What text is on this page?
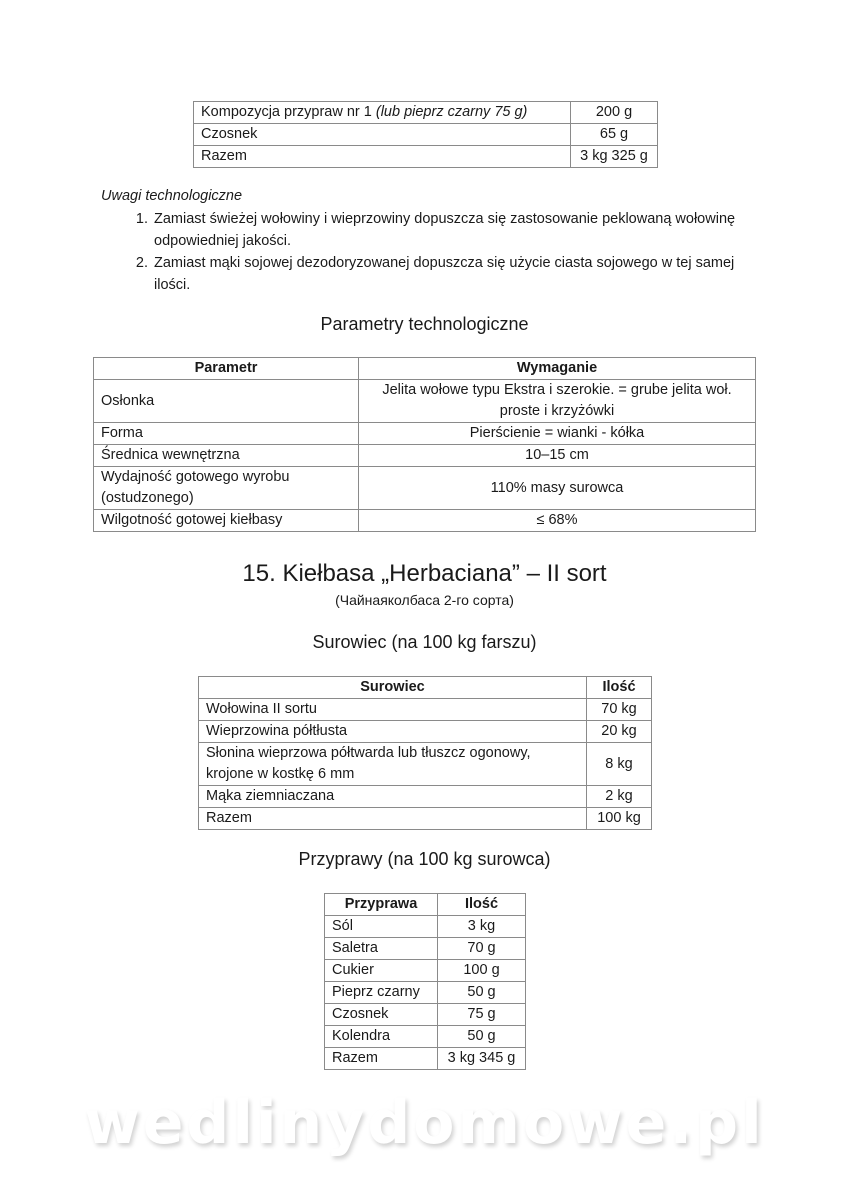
Kompozycja przypraw nr 1 (lub pieprz czarny 75 g)	200 g
Czosnek	65 g
Razem	3 kg 325 g
Uwagi technologiczne
1. Zamiast świeżej wołowiny i wieprzowiny dopuszcza się zastosowanie peklowaną wołowinę odpowiedniej jakości.
2. Zamiast mąki sojowej dezodoryzowanej dopuszcza się użycie ciasta sojowego w tej samej ilości.
Parametry technologiczne
Parametr	Wymaganie
Osłonka	Jelita wołowe typu Ekstra i szerokie. = grube jelita woł. proste i krzyżówki
Forma	Pierścienie = wianki - kółka
Średnica wewnętrzna	10–15 cm
Wydajność gotowego wyrobu (ostudzonego)	110% masy surowca
Wilgotność gotowej kiełbasy	≤ 68%
15. Kiełbasa „Herbaciana” – II sort
(Чайнаяколбаса 2-го сорта)
Surowiec (na 100 kg farszu)
Surowiec	Ilość
Wołowina II sortu	70 kg
Wieprzowina półtłusta	20 kg
Słonina wieprzowa półtwarda lub tłuszcz ogonowy, krojone w kostkę 6 mm	8 kg
Mąka ziemniaczana	2 kg
Razem	100 kg
Przyprawy (na 100 kg surowca)
Przyprawa	Ilość
Sól	3 kg
Saletra	70 g
Cukier	100 g
Pieprz czarny	50 g
Czosnek	75 g
Kolendra	50 g
Razem	3 kg 345 g
wedlinydomowe.pl
